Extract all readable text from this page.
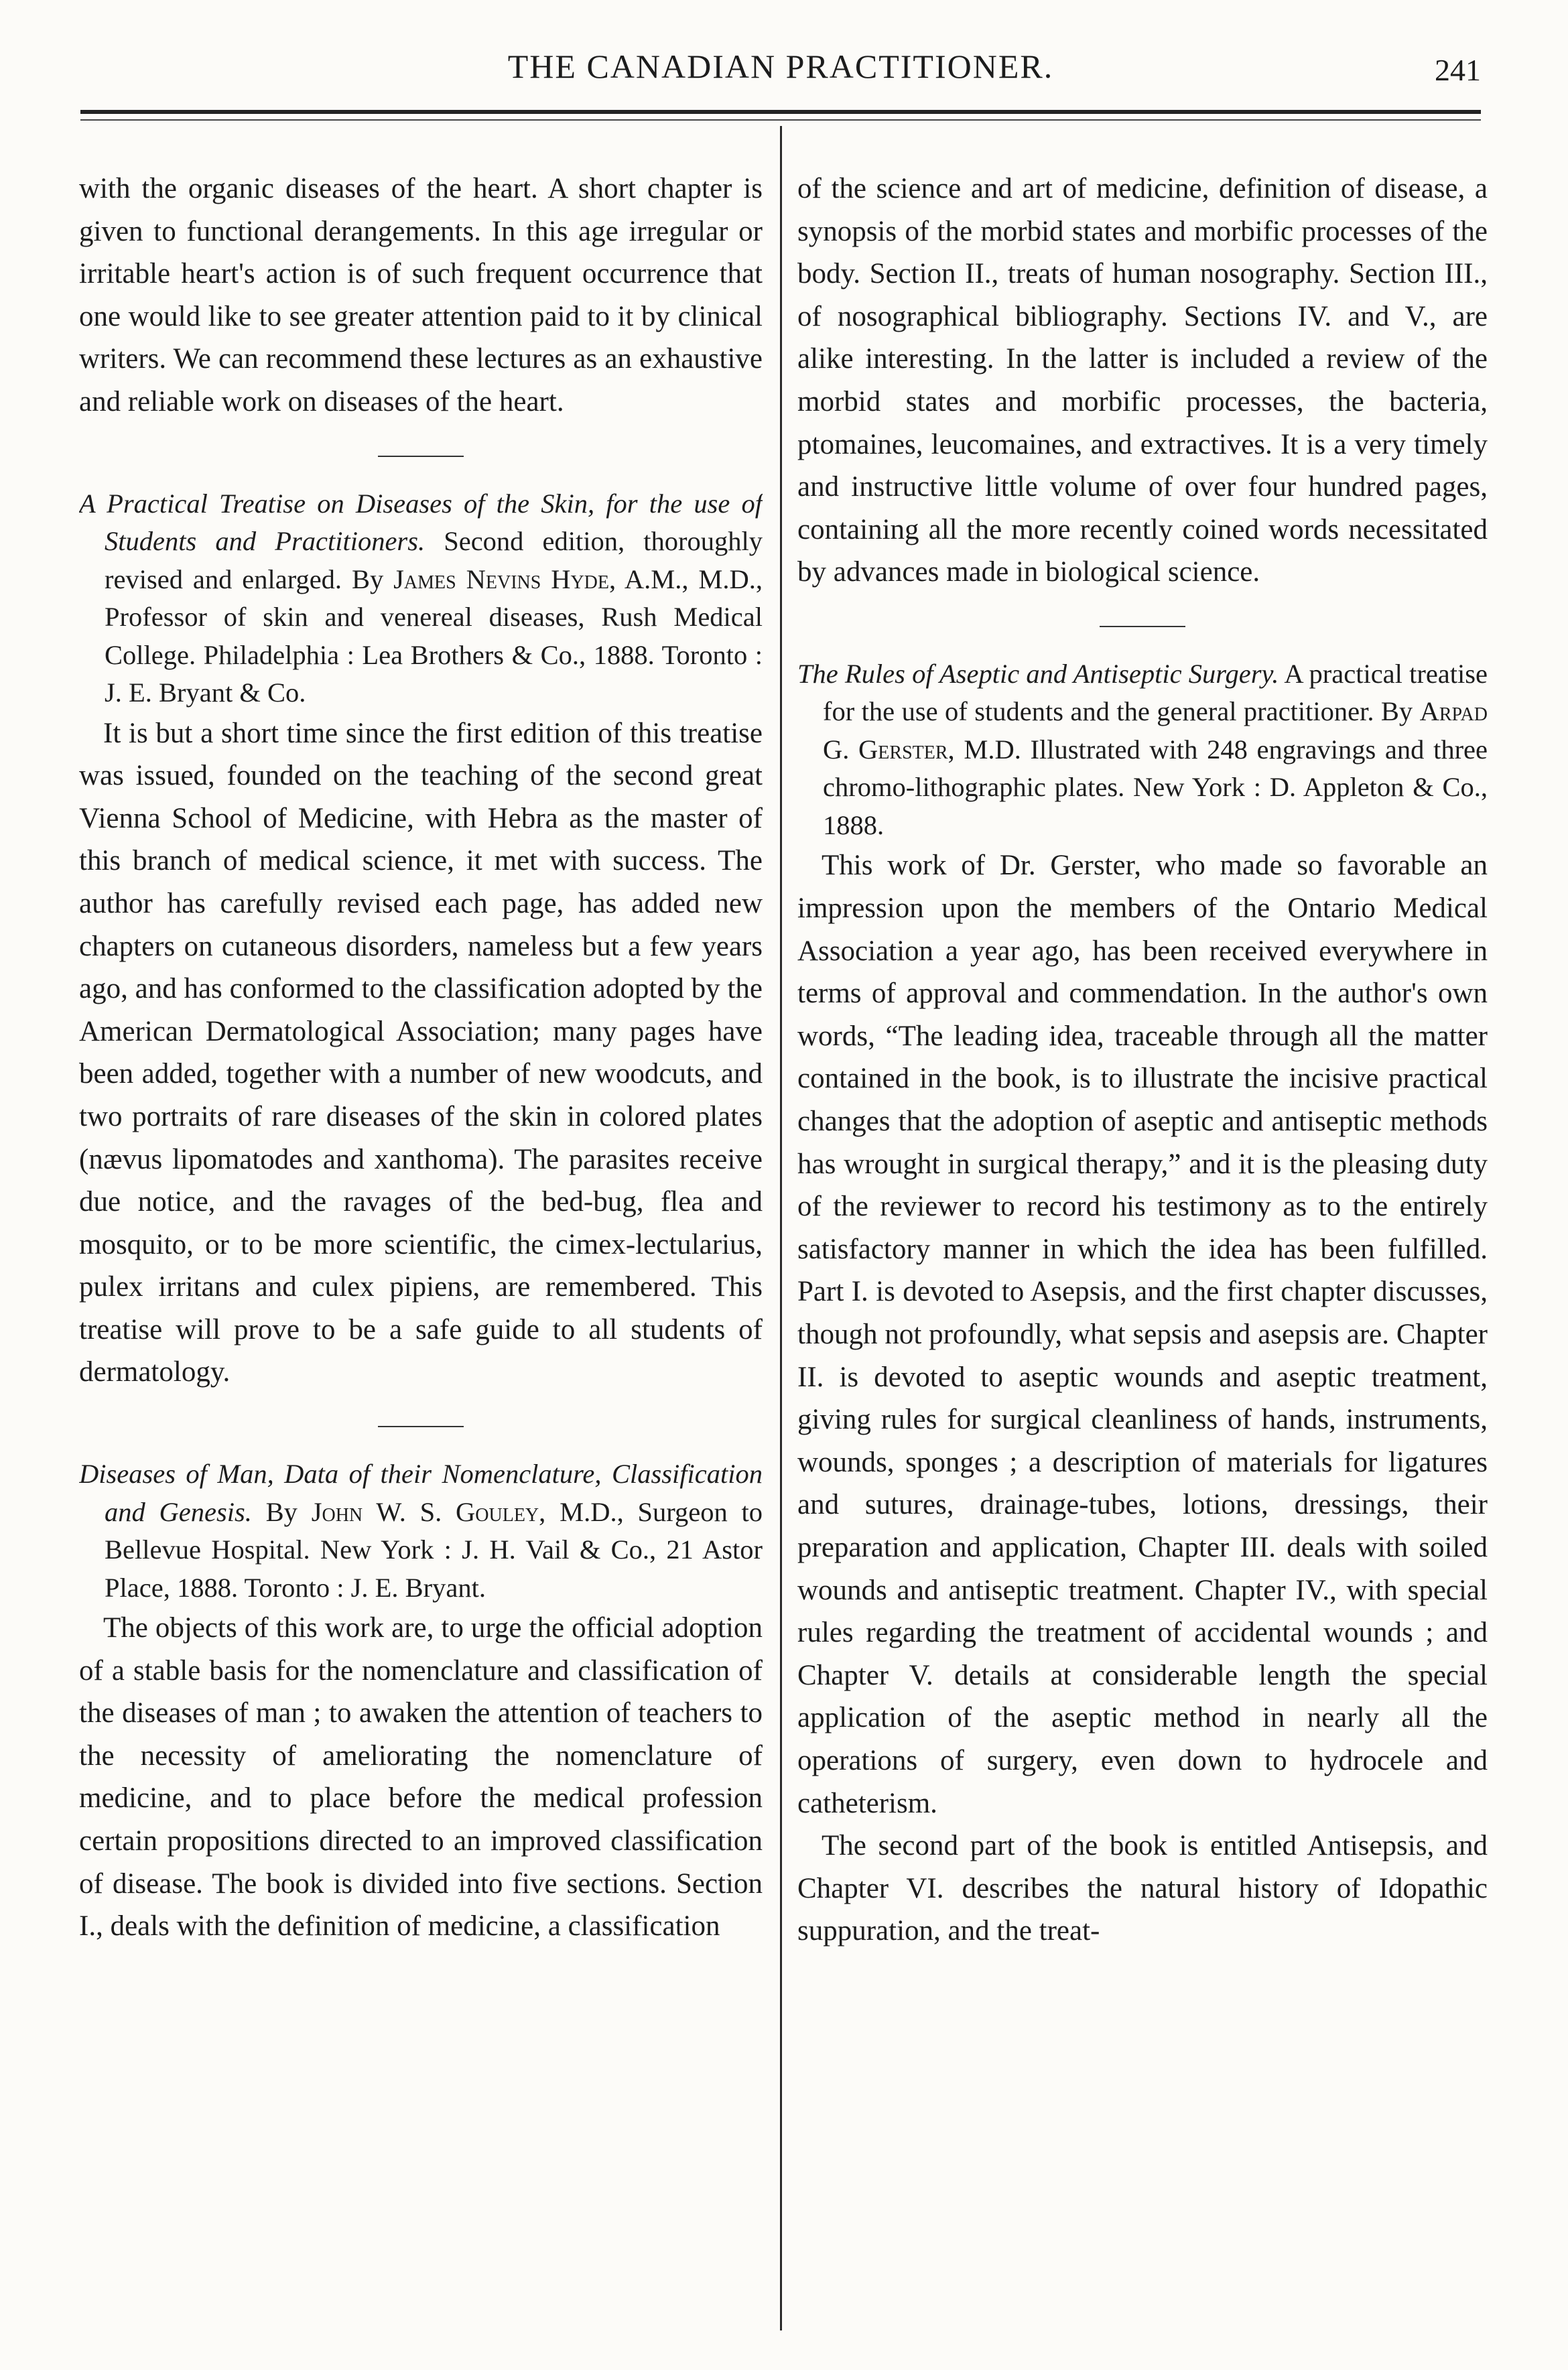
THE CANADIAN PRACTITIONER.	241

with the organic diseases of the heart. A short chapter is given to functional derangements. In this age irregular or irritable heart's action is of such frequent occurrence that one would like to see greater attention paid to it by clinical writers. We can recommend these lectures as an exhaustive and reliable work on diseases of the heart.

A Practical Treatise on Diseases of the Skin, for the use of Students and Practitioners. Second edition, thoroughly revised and enlarged. By James Nevins Hyde, A.M., M.D., Professor of skin and venereal diseases, Rush Medical College. Philadelphia : Lea Brothers & Co., 1888. Toronto : J. E. Bryant & Co.

It is but a short time since the first edition of this treatise was issued, founded on the teaching of the second great Vienna School of Medicine, with Hebra as the master of this branch of medical science, it met with success. The author has carefully revised each page, has added new chapters on cutaneous disorders, nameless but a few years ago, and has conformed to the classification adopted by the American Dermatological Association; many pages have been added, together with a number of new woodcuts, and two portraits of rare diseases of the skin in colored plates (nævus lipomatodes and xanthoma). The parasites receive due notice, and the ravages of the bed-bug, flea and mosquito, or to be more scientific, the cimex-lectularius, pulex irritans and culex pipiens, are remembered. This treatise will prove to be a safe guide to all students of dermatology.

Diseases of Man, Data of their Nomenclature, Classification and Genesis. By John W. S. Gouley, M.D., Surgeon to Bellevue Hospital. New York : J. H. Vail & Co., 21 Astor Place, 1888. Toronto : J. E. Bryant.

The objects of this work are, to urge the official adoption of a stable basis for the nomenclature and classification of the diseases of man ; to awaken the attention of teachers to the necessity of ameliorating the nomenclature of medicine, and to place before the medical profession certain propositions directed to an improved classification of disease. The book is divided into five sections. Section I., deals with the definition of medicine, a classification

of the science and art of medicine, definition of disease, a synopsis of the morbid states and morbific processes of the body. Section II., treats of human nosography. Section III., of nosographical bibliography. Sections IV. and V., are alike interesting. In the latter is included a review of the morbid states and morbific processes, the bacteria, ptomaines, leucomaines, and extractives. It is a very timely and instructive little volume of over four hundred pages, containing all the more recently coined words necessitated by advances made in biological science.

The Rules of Aseptic and Antiseptic Surgery. A practical treatise for the use of students and the general practitioner. By Arpad G. Gerster, M.D. Illustrated with 248 engravings and three chromo-lithographic plates. New York : D. Appleton & Co., 1888.

This work of Dr. Gerster, who made so favorable an impression upon the members of the Ontario Medical Association a year ago, has been received everywhere in terms of approval and commendation. In the author's own words, “The leading idea, traceable through all the matter contained in the book, is to illustrate the incisive practical changes that the adoption of aseptic and antiseptic methods has wrought in surgical therapy,” and it is the pleasing duty of the reviewer to record his testimony as to the entirely satisfactory manner in which the idea has been fulfilled. Part I. is devoted to Asepsis, and the first chapter discusses, though not profoundly, what sepsis and asepsis are. Chapter II. is devoted to aseptic wounds and aseptic treatment, giving rules for surgical cleanliness of hands, instruments, wounds, sponges ; a description of materials for ligatures and sutures, drainage-tubes, lotions, dressings, their preparation and application, Chapter III. deals with soiled wounds and antiseptic treatment. Chapter IV., with special rules regarding the treatment of accidental wounds ; and Chapter V. details at considerable length the special application of the aseptic method in nearly all the operations of surgery, even down to hydrocele and catheterism.

The second part of the book is entitled Antisepsis, and Chapter VI. describes the natural history of Idopathic suppuration, and the treat-
